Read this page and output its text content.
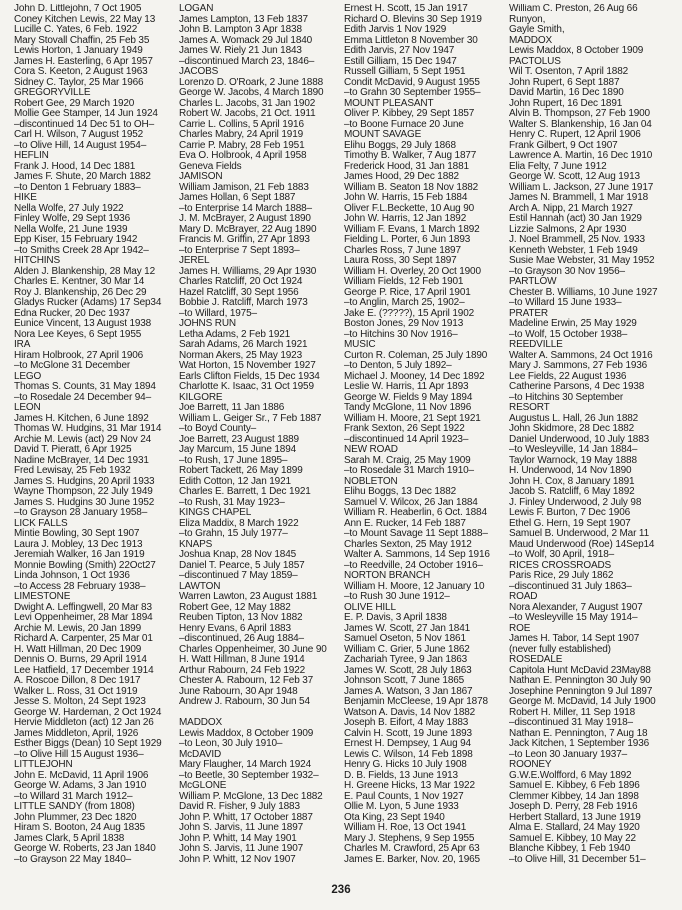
John D. Littlejohn, 7 Oct 1905
Coney Kitchen Lewis, 22 May 13
Lucille C. Yates, 6 Feb. 1922
Mary Stovall Chaffin, 25 Feb 35
Lewis Horton, 1 January 1949
James H. Easterling, 6 Apr 1957
Cora S. Keeton, 2 August 1963
Sidney C. Taylor, 25 Mar 1966
GREGORYVILLE
Robert Gee, 29 March 1920
Mollie Gee Stamper, 14 Jun 1924
–discontinued 14 Dec 51 to OH–
Carl H. Wilson, 7 August 1952
–to Olive Hill, 14 August 1954–
HEFLIN
Frank J. Hood, 14 Dec 1881
James F. Shute, 20 March 1882
–to Denton 1 February 1883–
HIKE
Nella Wolfe, 27 July 1922
Finley Wolfe, 29 Sept 1936
Nella Wolfe, 21 June 1939
Epp Kiser, 15 February 1942
–to Smiths Creek 28 Apr 1942–
HITCHINS
Alden J. Blankenship, 28 May 12
Charles E. Kentner, 30 Mar 14
Roy J. Blankenship, 26 Dec 29
Gladys Rucker (Adams) 17 Sep34
Edna Rucker, 20 Dec 1937
Eunice Vincent, 13 August 1938
Nora Lee Keyes, 6 Sept 1955
IRA
Hiram Holbrook, 27 April 1906
–to McGlone 31 December
LEGO
Thomas S. Counts, 31 May 1894
–to Rosedale 24 December 94–
LEON
James H. Kitchen, 6 June 1892
Thomas W. Hudgins, 31 Mar 1914
Archie M. Lewis (act) 29 Nov 24
David T. Pieratt, 6 Apr 1925
Nadine McBrayer, 14 Dec 1931
Fred Lewisay, 25 Feb 1932
James S. Hudgins, 20 April 1933
Wayne Thompson, 22 July 1949
James S. Hudgins 30 June 1952
–to Grayson 28 January 1958–
LICK FALLS
Mintie Bowling, 30 Sept 1907
Laura J. Mobley, 13 Dec 1913
Jeremiah Walker, 16 Jan 1919
Monnie Bowling (Smith) 22Oct27
Linda Johnson, 1 Oct 1936
–to Access 28 February 1938–
LIMESTONE
Dwight A. Leffingwell, 20 Mar 83
Levi Oppenheimer, 28 Mar 1894
Archie M. Lewis, 20 Jan 1899
Richard A. Carpenter, 25 Mar 01
H. Watt Hillman, 20 Dec 1909
Dennis O. Burns, 29 April 1914
Lee Hatfield, 17 December 1914
A. Roscoe Dillon, 8 Dec 1917
Walker L. Ross, 31 Oct 1919
Jesse S. Molton, 24 Sept 1923
George W. Hardeman, 2 Oct 1924
Hervie Middleton (act) 12 Jan 26
James Middleton, April, 1926
Esther Biggs (Dean) 10 Sept 1929
–to Olive Hill 15 August 1936–
LITTLEJOHN
John E. McDavid, 11 April 1906
George W. Adams, 3 Jan 1910
–to Willard 31 March 1912–
LITTLE SANDY (from 1808)
John Plummer, 23 Dec 1820
Hiram S. Booton, 24 Aug 1835
James Clark, 5 April 1838
George W. Roberts, 23 Jan 1840
–to Grayson 22 May 1840–
LOGAN
James Lampton, 13 Feb 1837
John B. Lampton 3 Apr 1838
James A. Womack 29 Jul 1840
James W. Riely 21 Jun 1843
–discontinued March 23, 1846–
JACOBS
Lorenzo D. O'Roark, 2 June 1888
George W. Jacobs, 4 March 1890
Charles L. Jacobs, 31 Jan 1902
Robert W. Jacobs, 21 Oct. 1911
Carrie L. Collins, 5 April 1916
Charles Mabry, 24 April 1919
Carrie P. Mabry, 28 Feb 1951
Eva O. Holbrook, 4 April 1958
Geneva Fields
JAMISON
William Jamison, 21 Feb 1883
James Hollan, 6 Sept 1887
–to Enterprise 14 March 1888–
J. M. McBrayer, 2 August 1890
Mary D. McBrayer, 22 Aug 1890
Francis M. Griffin, 27 Apr 1893
–to Enterprise 7 Sept 1893–
JEREL
James H. Williams, 29 Apr 1930
Charles Ratcliff, 20 Oct 1924
Hazel Ratcliff, 30 Sept 1956
Bobbie J. Ratcliff, March 1973
–to Willard, 1975–
JOHNS RUN
Letha Adams, 2 Feb 1921
Sarah Adams, 26 March 1921
Norman Akers, 25 May 1923
Wat Horton, 15 November 1927
Earls Clifton Fields, 15 Dec 1934
Charlotte K. Isaac, 31 Oct 1959
KILGORE
Joe Barrett, 11 Jan 1886
William L. Geiger Sr., 7 Feb 1887
–to Boyd County–
Joe Barrett, 23 August 1889
Jay Marcum, 15 June 1894
–to Rush, 17 June 1895–
Robert Tackett, 26 May 1899
Edith Cotton, 12 Jan 1921
Charles E. Barrett, 1 Dec 1921
–to Rush, 31 May 1923–
KINGS CHAPEL
Eliza Maddix, 8 March 1922
–to Grahn, 15 July 1977–
KNAPS
Joshua Knap, 28 Nov 1845
Daniel T. Pearce, 5 July 1857
–discontinued 7 May 1859–
LAWTON
Warren Lawton, 23 August 1881
Robert Gee, 12 May 1882
Reuben Tipton, 13 Nov 1882
Henry Evans, 6 April 1883
–discontinued, 26 Aug 1884–
Charles Oppenheimer, 30 June 90
H. Watt Hillman, 8 June 1914
Arthur Rabourn, 24 Feb 1922
Chester A. Rabourn, 12 Feb 37
June Rabourn, 30 Apr 1948
Andrew J. Rabourn, 30 Jun 54

MADDOX
Lewis Maddox, 8 October 1909
–to Leon, 30 July 1910–
McDAVID
Mary Flaugher, 14 March 1924
–to Beetle, 30 September 1932–
McGLONE
William P. McGlone, 13 Dec 1882
David R. Fisher, 9 July 1883
John P. Whitt, 17 October 1887
John S. Jarvis, 11 June 1897
John P. Whitt, 14 May 1901
John S. Jarvis, 11 June 1907
John P. Whitt, 12 Nov 1907
Ernest H. Scott, 15 Jan 1917
Richard O. Blevins 30 Sep 1919
Edith Jarvis 1 Nov 1929
Emma Littleton 8 November 30
Edith Jarvis, 27 Nov 1947
Estill Gilliam, 15 Dec 1947
Russell Gilliam, 5 Sept 1951
Condit McDavid, 9 August 1955
–to Grahn 30 September 1955–
MOUNT PLEASANT
Oliver P. Kibbey, 29 Sept 1857
–to Boone Furnace 20 June
MOUNT SAVAGE
Elihu Boggs, 29 July 1868
Timothy B. Walker, 7 Aug 1877
Frederick Hood, 31 Jan 1881
James Hood, 29 Dec 1882
William B. Seaton 18 Nov 1882
John W. Harris, 15 Feb 1884
Oliver F.L.Beckette, 10 Aug 90
John W. Harris, 12 Jan 1892
William F. Evans, 1 March 1892
Fielding L. Porter, 6 Jun 1893
Charles Ross, 7 June 1897
Laura Ross, 30 Sept 1897
William H. Overley, 20 Oct 1900
William Fields, 12 Feb 1901
George P. Rice, 17 April 1901
–to Anglin, March 25, 1902–
Jake E. (?????), 15 April 1902
Boston Jones, 29 Nov 1913
–to Hitchins 30 Nov 1916–
MUSIC
Curton R. Coleman, 25 July 1890
–to Denton, 5 July 1892–
Michael J. Mooney, 14 Dec 1892
Leslie W. Harris, 11 Apr 1893
George W. Fields 9 May 1894
Tandy McGlone, 11 Nov 1896
William H. Moore, 21 Sept 1921
Frank Sexton, 26 Sept 1922
–discontinued 14 April 1923–
NEW ROAD
Sarah M. Craig, 25 May 1909
–to Rosedale 31 March 1910–
NOBLETON
Elihu Boggs, 13 Dec 1882
Samuel V. Wilcox, 26 Jan 1884
William R. Heaberlin, 6 Oct. 1884
Ann E. Rucker, 14 Feb 1887
–to Mount Savage 11 Sept 1888–
Charles Sexton, 25 May 1912
Walter A. Sammons, 14 Sep 1916
–to Reedville, 24 October 1916–
NORTON BRANCH
William H. Moore, 12 January 10
–to Rush 30 June 1912–
OLIVE HILL
E. P. Davis, 3 April 1838
James W. Scott, 27 Jan 1841
Samuel Oseton, 5 Nov 1861
William C. Grier, 5 June 1862
Zachariah Tyree, 9 Jan 1863
James W. Scott, 28 July 1863
Johnson Scott, 7 June 1865
James A. Watson, 3 Jan 1867
Benjamin McCleese, 19 Apr 1878
Watson A. Davis, 14 Nov 1882
Joseph B. Eifort, 4 May 1883
Calvin H. Scott, 19 June 1893
Ernest H. Dempsey, 1 Aug 94
Lewis C. Wilson, 14 Feb 1898
Henry G. Hicks 10 July 1908
D. B. Fields, 13 June 1913
H. Greene Hicks, 13 Mar 1922
E. Paul Counts, 1 Nov 1927
Ollie M. Lyon, 5 June 1933
Ota King, 23 Sept 1940
William H. Roe, 13 Oct 1941
Mary J. Stephens, 9 Sep 1955
Charles M. Crawford, 25 Apr 63
James E. Barker, Nov. 20, 1965
William C. Preston, 26 Aug 66
Runyon,
Gayle Smith,
MADDOX
Lewis Maddox, 8 October 1909
PACTOLUS
Wil T. Osenton, 7 April 1882
John Rupert, 6 Sept 1887
David Martin, 16 Dec 1890
John Rupert, 16 Dec 1891
Alvin B. Thompson, 27 Feb 1900
Walter S. Blankenship, 16 Jan 04
Henry C. Rupert, 12 April 1906
Frank Gilbert, 9 Oct 1907
Lawrence A. Martin, 16 Dec 1910
Elia Felty, 7 June 1912
George W. Scott, 12 Aug 1913
William L. Jackson, 27 June 1917
James N. Brammell, 1 Mar 1918
Arch A. Nipp, 21 March 1927
Estil Hannah (act) 30 Jan 1929
Lizzie Salmons, 2 Apr 1930
J. Noel Brammell, 25 Nov. 1933
Kenneth Webster, 1 Feb 1949
Susie Mae Webster, 31 May 1952
–to Grayson 30 Nov 1956–
PARTLOW
Chester B. Williams, 10 June 1927
–to Willard 15 June 1933–
PRATER
Madeline Erwin, 25 May 1929
–to Wolf, 15 October 1938–
REEDVILLE
Walter A. Sammons, 24 Oct 1916
Mary J. Sammons, 27 Feb 1936
Lee Fields, 22 August 1936
Catherine Parsons, 4 Dec 1938
–to Hitchins 30 September
RESORT
Augustus L. Hall, 26 Jun 1882
John Skidmore, 28 Dec 1882
Daniel Underwood, 10 July 1883
–to Wesleyville, 14 Jan 1884–
Taylor Warnock, 19 May 1888
H. Underwood, 14 Nov 1890
John H. Cox, 8 January 1891
Jacob S. Ratcliff, 6 May 1892
J. Finley Underwood, 2 July 98
Lewis F. Burton, 7 Dec 1906
Ethel G. Hern, 19 Sept 1907
Samuel B. Underwood, 2 Mar 11
Maud Underwood (Roe) 14Sep14
–to Wolf, 30 April, 1918–
RICES CROSSROADS
Paris Rice, 29 July 1862
–discontinued 31 July 1863–
ROAD
Nora Alexander, 7 August 1907
–to Wesleyville 15 May 1914–
ROE
James H. Tabor, 14 Sept 1907
(never fully established)
ROSEDALE
Capitola Hunt McDavid 23May88
Nathan E. Pennington 30 July 90
Josephine Pennington 9 Jul 1897
George M. McDavid, 14 July 1900
Robert H. Miller, 11 Sep 1918
–discontinued 31 May 1918–
Nathan E. Pennington, 7 Aug 18
Jack Kitchen, 1 September 1936
–to Leon 30 January 1937–
ROONEY
G.W.E.Wolfford, 6 May 1892
Samuel E. Kibbey, 6 Feb 1896
Clemmer Kibbey, 14 Jan 1898
Joseph D. Perry, 28 Feb 1916
Herbert Stallard, 13 June 1919
Alma E. Stallard, 24 May 1920
Samuel E. Kibbey, 10 May 22
Blanche Kibbey, 1 Feb 1940
–to Olive Hill, 31 December 51–
236
